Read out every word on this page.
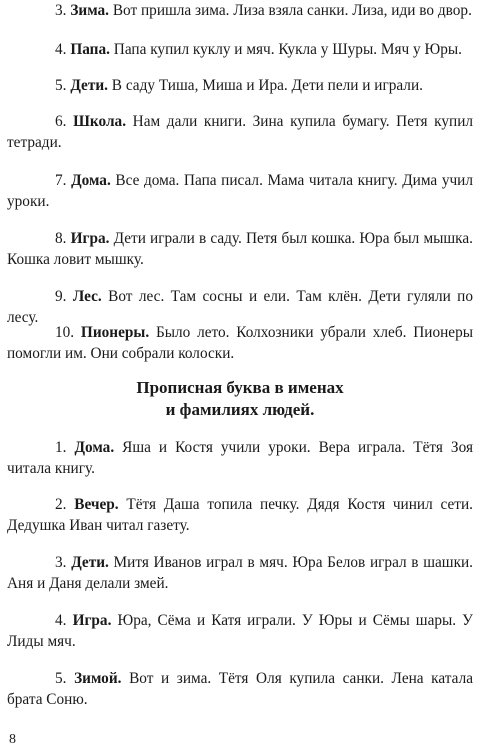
3. Зима. Вот пришла зима. Лиза взяла санки. Лиза, иди во двор.

4. Папа. Папа купил куклу и мяч. Кукла у Шуры. Мяч у Юры.

5. Дети. В саду Тиша, Миша и Ира. Дети пели и играли.

6. Школа. Нам дали книги. Зина купила бумагу. Петя купил тетради.

7. Дома. Все дома. Папа писал. Мама читала книгу. Дима учил уроки.

8. Игра. Дети играли в саду. Петя был кошка. Юра был мышка. Кошка ловит мышку.

9. Лес. Вот лес. Там сосны и ели. Там клён. Дети гуляли по лесу.

10. Пионеры. Было лето. Колхозники убрали хлеб. Пионеры помогли им. Они собрали колоски.

Прописная буква в именах
и фамилиях людей.

1. Дома. Яша и Костя учили уроки. Вера играла. Тётя Зоя читала книгу.

2. Вечер. Тётя Даша топила печку. Дядя Костя чинил сети. Дедушка Иван читал газету.

3. Дети. Митя Иванов играл в мяч. Юра Белов играл в шашки. Аня и Даня делали змей.

4. Игра. Юра, Сёма и Катя играли. У Юры и Сёмы шары. У Лиды мяч.

5. Зимой. Вот и зима. Тётя Оля купила санки. Лена катала брата Соню.

8
